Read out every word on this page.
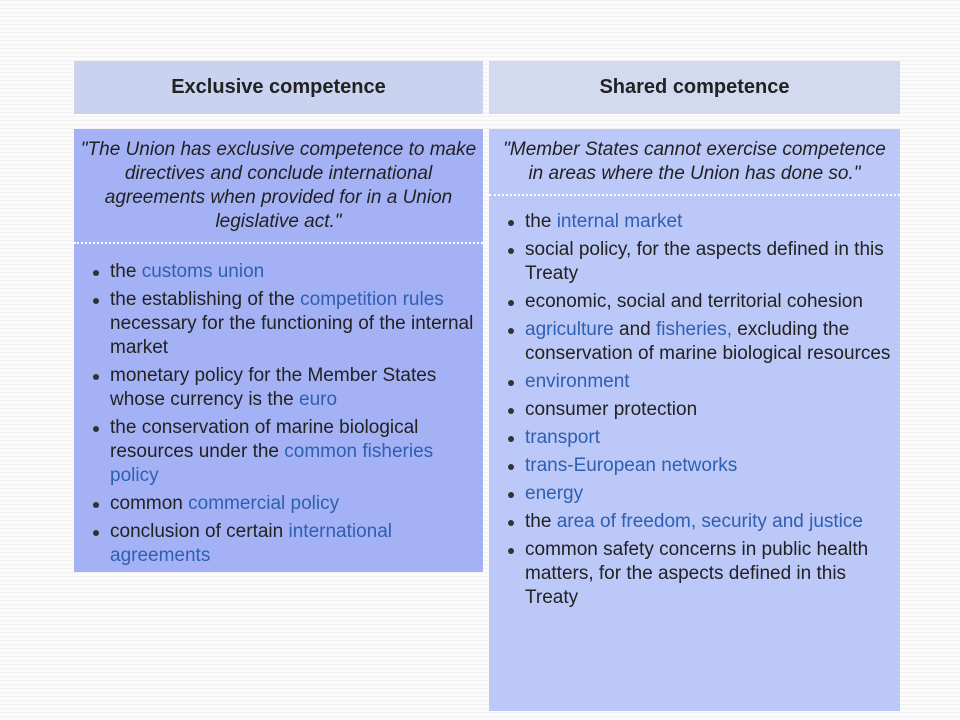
Exclusive competence

"The Union has exclusive competence to make directives and conclude international agreements when provided for in a Union legislative act."

the customs union
the establishing of the competition rules necessary for the functioning of the internal market
monetary policy for the Member States whose currency is the euro
the conservation of marine biological resources under the common fisheries policy
common commercial policy
conclusion of certain international agreements
Shared competence

"Member States cannot exercise competence in areas where the Union has done so."

the internal market
social policy, for the aspects defined in this Treaty
economic, social and territorial cohesion
agriculture and fisheries, excluding the conservation of marine biological resources
environment
consumer protection
transport
trans-European networks
energy
the area of freedom, security and justice
common safety concerns in public health matters, for the aspects defined in this Treaty
